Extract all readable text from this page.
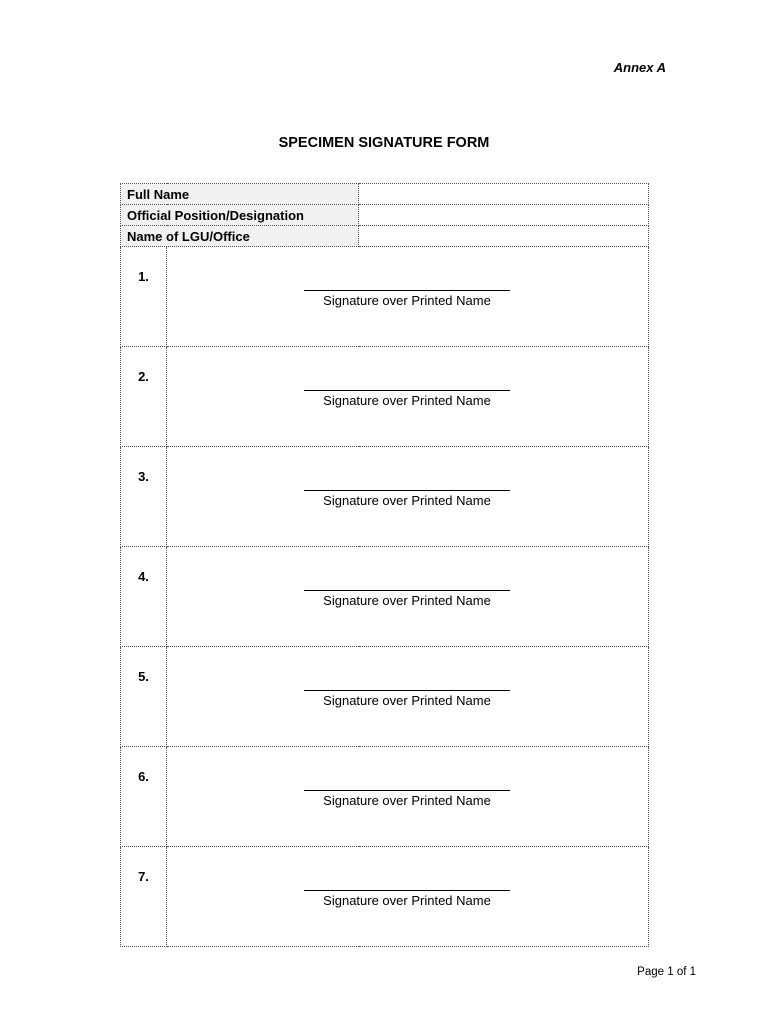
Annex A
SPECIMEN SIGNATURE FORM
Full Name		
Official Position/Designation		
Name of LGU/Office		
1.	Signature over Printed Name	

2.	Signature over Printed Name	

3.	Signature over Printed Name	

4.	Signature over Printed Name	

5.	Signature over Printed Name	

6.	Signature over Printed Name	

7.	Signature over Printed Name	
Page 1 of 1
